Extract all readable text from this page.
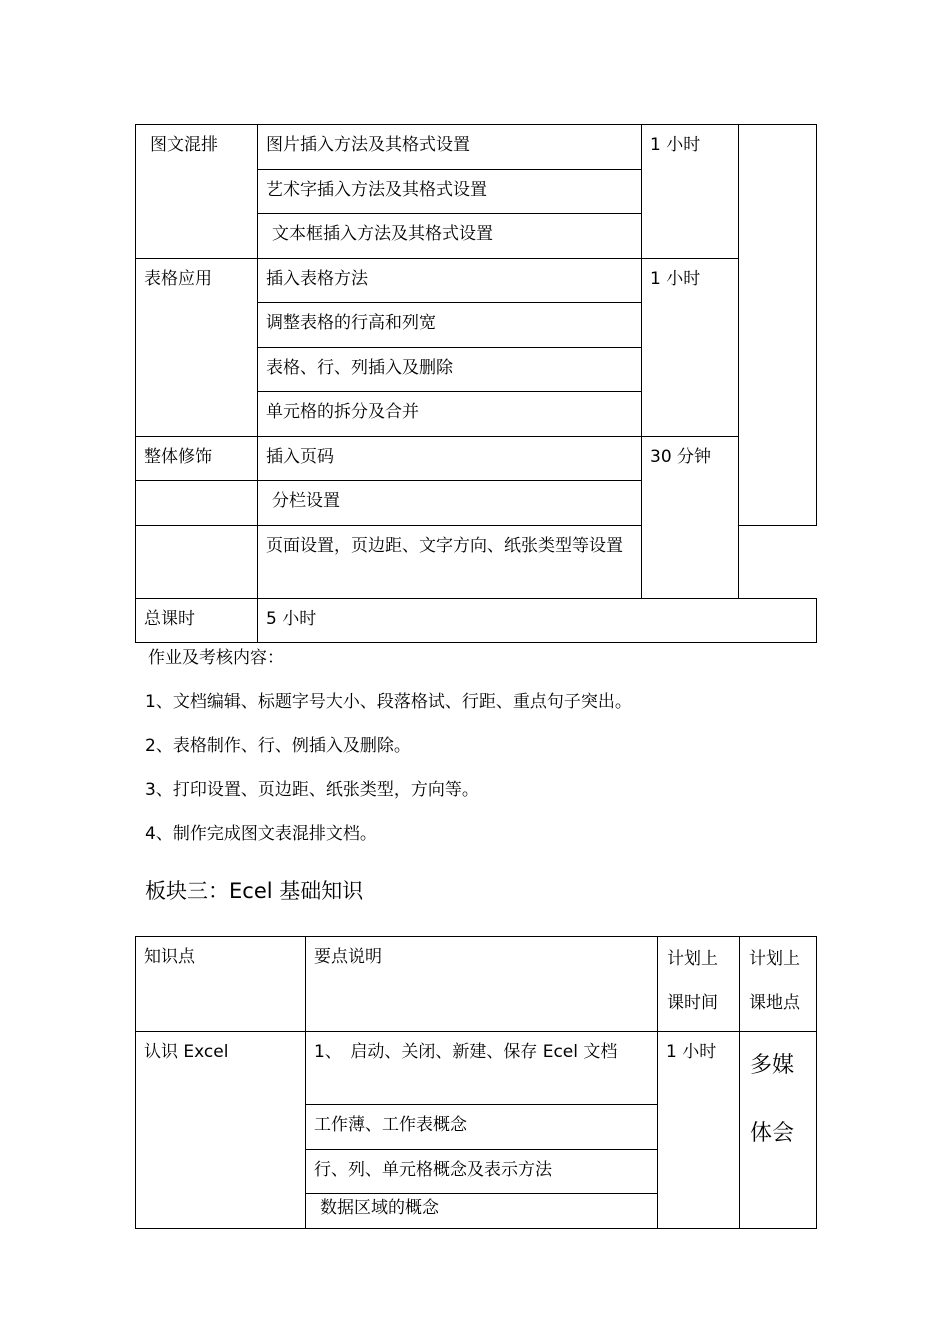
图文混排	图片插入方法及其格式设置	1 小时	

	艺术字插入方法及其格式设置		

	文本框插入方法及其格式设置		

表格应用	插入表格方法	1 小时	

	调整表格的行高和列宽		

	表格、行、列插入及删除		

	单元格的拆分及合并		

整体修饰	插入页码	30 分钟	

	分栏设置		

	页面设置，页边距、文字方向、纸张类型等设置		

总课时	5 小时		

作业及考核内容：

1、文档编辑、标题字号大小、段落格试、行距、重点句子突出。

2、表格制作、行、例插入及删除。

3、打印设置、页边距、纸张类型，方向等。

4、制作完成图文表混排文档。

板块三：Ecel 基础知识
知识点	要点说明	计划上课时间	计划上课地点

认识 Excel	1、　启动、关闭、新建、保存 Ecel 文档	1 小时	多媒体会

	工作薄、工作表概念		

	行、列、单元格概念及表示方法		

	数据区域的概念		
